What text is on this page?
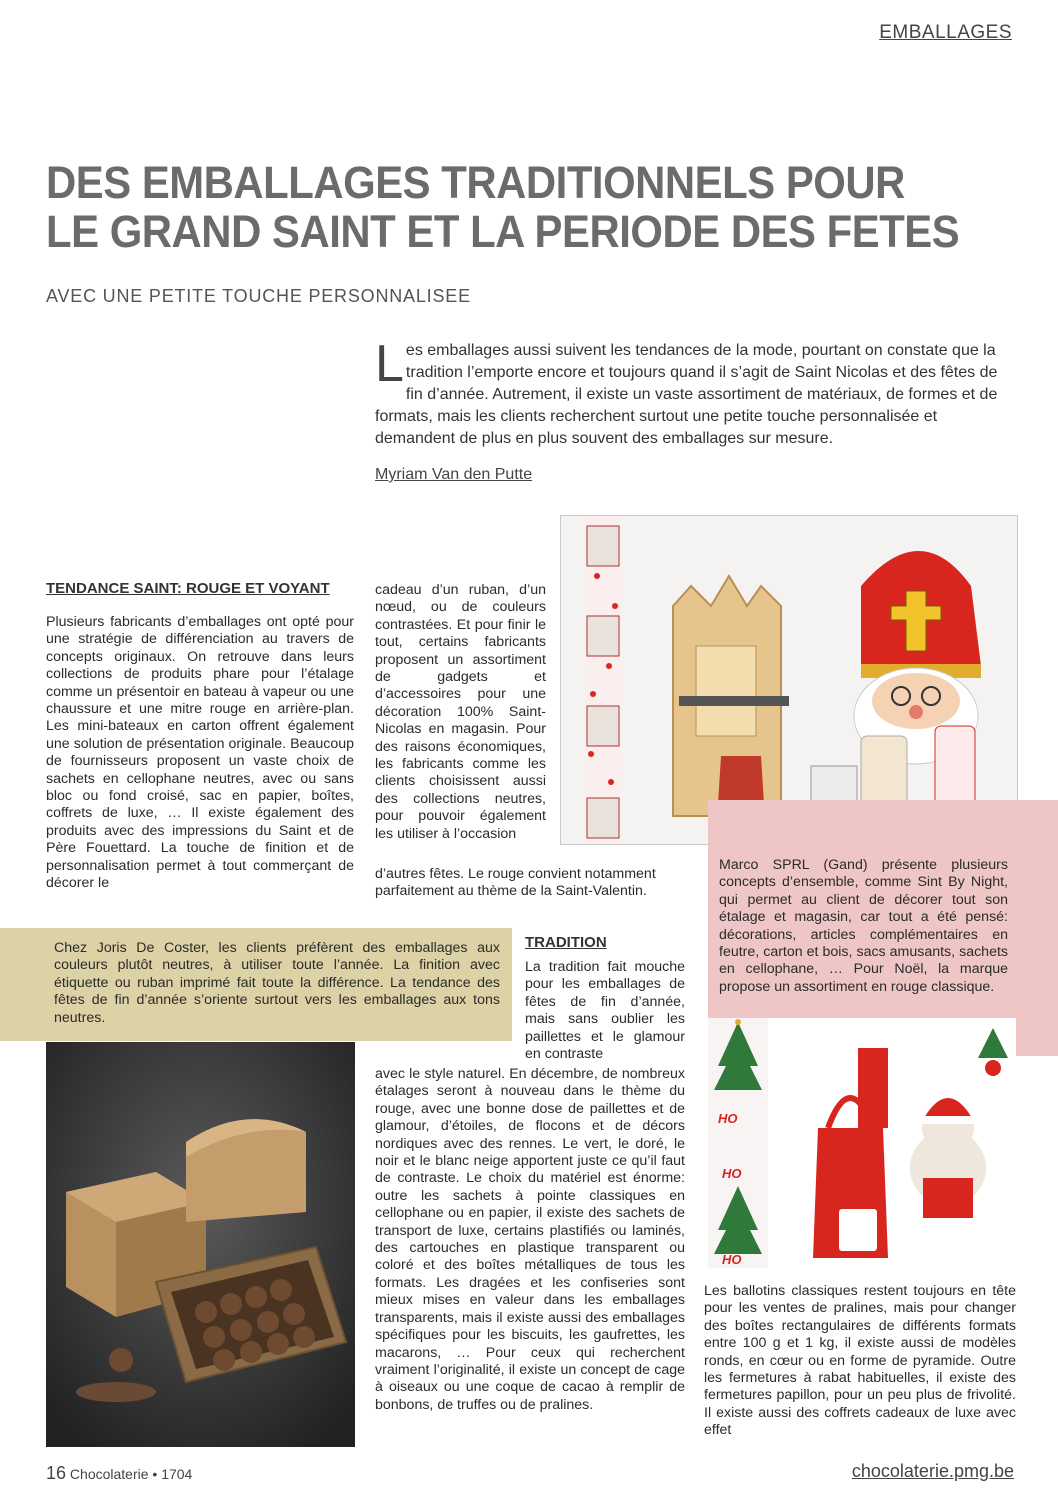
EMBALLAGES
DES EMBALLAGES TRADITIONNELS POUR
LE GRAND SAINT ET LA PERIODE DES FETES
AVEC UNE PETITE TOUCHE PERSONNALISEE
Les emballages aussi suivent les tendances de la mode, pourtant on constate que la tradition l’emporte encore et toujours quand il s’agit de Saint Nicolas et des fêtes de fin d’année. Autrement, il existe un vaste assortiment de matériaux, de formes et de formats, mais les clients recherchent surtout une petite touche personnalisée et demandent de plus en plus souvent des emballages sur mesure.
Myriam Van den Putte
TENDANCE SAINT: ROUGE ET VOYANT
Plusieurs fabricants d’emballages ont opté pour une stratégie de différenciation au travers de concepts originaux. On retrouve dans leurs collections de produits phare pour l’étalage comme un présentoir en bateau à vapeur ou une chaussure et une mitre rouge en arrière-plan. Les mini-bateaux en carton offrent également une solution de présentation originale. Beaucoup de fournisseurs proposent un vaste choix de sachets en cellophane neutres, avec ou sans bloc ou fond croisé, sac en papier, boîtes, coffrets de luxe, … Il existe également des produits avec des impressions du Saint et de Père Fouettard. La touche de finition et de personnalisation permet à tout commerçant de décorer le
cadeau d’un ruban, d’un nœud, ou de couleurs contrastées. Et pour finir le tout, certains fabricants proposent un assortiment de gadgets et d’accessoires pour une décoration 100% Saint-Nicolas en magasin. Pour des raisons économiques, les fabricants comme les clients choisissent aussi des collections neutres, pour pouvoir également les utiliser à l’occasion
d’autres fêtes. Le rouge convient notamment parfaitement au thème de la Saint-Valentin.
Marco SPRL (Gand) présente plusieurs concepts d’ensemble, comme Sint By Night, qui permet au client de décorer tout son étalage et magasin, car tout a été pensé: décorations, articles complémentaires en feutre, carton et bois, sacs amusants, sachets en cellophane, … Pour Noël, la marque propose un assortiment en rouge classique.
Chez Joris De Coster, les clients préfèrent des emballages aux couleurs plutôt neutres, à utiliser toute l’année. La finition avec étiquette ou ruban imprimé fait toute la différence. La tendance des fêtes de fin d’année s’oriente surtout vers les emballages aux tons neutres.
TRADITION
La tradition fait mouche pour les emballages de fêtes de fin d’année, mais sans oublier les paillettes et le glamour en contraste
avec le style naturel. En décembre, de nombreux étalages seront à nouveau dans le thème du rouge, avec une bonne dose de paillettes et de glamour, d’étoiles, de flocons et de décors nordiques avec des rennes. Le vert, le doré, le noir et le blanc neige apportent juste ce qu’il faut de contraste. Le choix du matériel est énorme: outre les sachets à pointe classiques en cellophane ou en papier, il existe des sachets de transport de luxe, certains plastifiés ou laminés, des cartouches en plastique transparent ou coloré et des boîtes métalliques de tous les formats. Les dragées et les confiseries sont mieux mises en valeur dans les emballages transparents, mais il existe aussi des emballages spécifiques pour les biscuits, les gaufrettes, les macarons, … Pour ceux qui recherchent vraiment l’originalité, il existe un concept de cage à oiseaux ou une coque de cacao à remplir de bonbons, de truffes ou de pralines.
HO
HO
HO
Les ballotins classiques restent toujours en tête pour les ventes de pralines, mais pour changer des boîtes rectangulaires de différents formats entre 100 g et 1 kg, il existe aussi de modèles ronds, en cœur ou en forme de pyramide. Outre les fermetures à rabat habituelles, il existe des fermetures papillon, pour un peu plus de frivolité. Il existe aussi des coffrets cadeaux de luxe avec effet
16 Chocolaterie • 1704	chocolaterie.pmg.be
